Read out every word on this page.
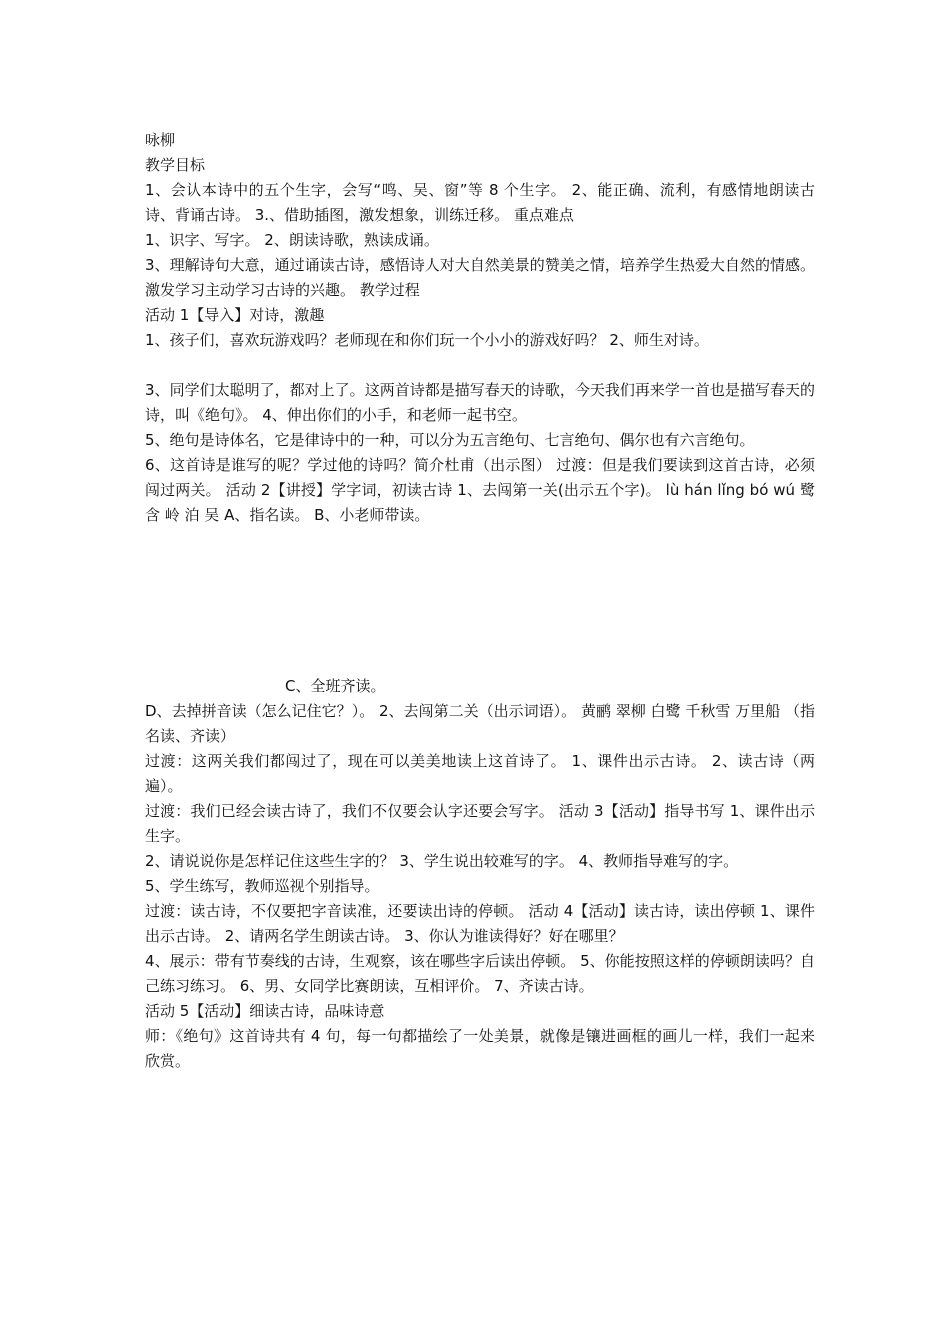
咏柳

教学目标

1、会认本诗中的五个生字，会写“鸣、吴、窗”等 8 个生字。 2、能正确、流利，有感情地朗读古诗、背诵古诗。 3.、借助插图，激发想象，训练迁移。 重点难点

1、识字、写字。 2、朗读诗歌，熟读成诵。

3、理解诗句大意，通过诵读古诗，感悟诗人对大自然美景的赞美之情，培养学生热爱大自然的情感。激发学习主动学习古诗的兴趣。 教学过程

活动 1【导入】对诗，激趣

1、孩子们，喜欢玩游戏吗？老师现在和你们玩一个小小的游戏好吗？ 2、师生对诗。

3、同学们太聪明了，都对上了。这两首诗都是描写春天的诗歌，今天我们再来学一首也是描写春天的诗，叫《绝句》。 4、伸出你们的小手，和老师一起书空。

5、绝句是诗体名，它是律诗中的一种，可以分为五言绝句、七言绝句、偶尔也有六言绝句。

6、这首诗是谁写的呢？学过他的诗吗？简介杜甫（出示图） 过渡：但是我们要读到这首古诗，必须闯过两关。 活动 2【讲授】学字词，初读古诗 1、去闯第一关(出示五个字)。 lù hán lǐng bó wú 鹭 含 岭 泊 吴 A、指名读。 B、小老师带读。

C、全班齐读。

D、去掉拼音读（怎么记住它？）。 2、去闯第二关（出示词语）。 黄鹂 翠柳 白鹭 千秋雪 万里船 （指名读、齐读）

过渡：这两关我们都闯过了，现在可以美美地读上这首诗了。 1、课件出示古诗。 2、读古诗（两遍）。

过渡：我们已经会读古诗了，我们不仅要会认字还要会写字。 活动 3【活动】指导书写 1、课件出示生字。

2、请说说你是怎样记住这些生字的？ 3、学生说出较难写的字。 4、教师指导难写的字。

5、学生练写，教师巡视个别指导。

过渡：读古诗，不仅要把字音读准，还要读出诗的停顿。 活动 4【活动】读古诗，读出停顿 1、课件出示古诗。 2、请两名学生朗读古诗。 3、你认为谁读得好？好在哪里？

4、展示：带有节奏线的古诗，生观察，该在哪些字后读出停顿。 5、你能按照这样的停顿朗读吗？自己练习练习。 6、男、女同学比赛朗读，互相评价。 7、齐读古诗。

活动 5【活动】细读古诗，品味诗意

师：《绝句》这首诗共有 4 句，每一句都描绘了一处美景，就像是镶进画框的画儿一样，我们一起来欣赏。
